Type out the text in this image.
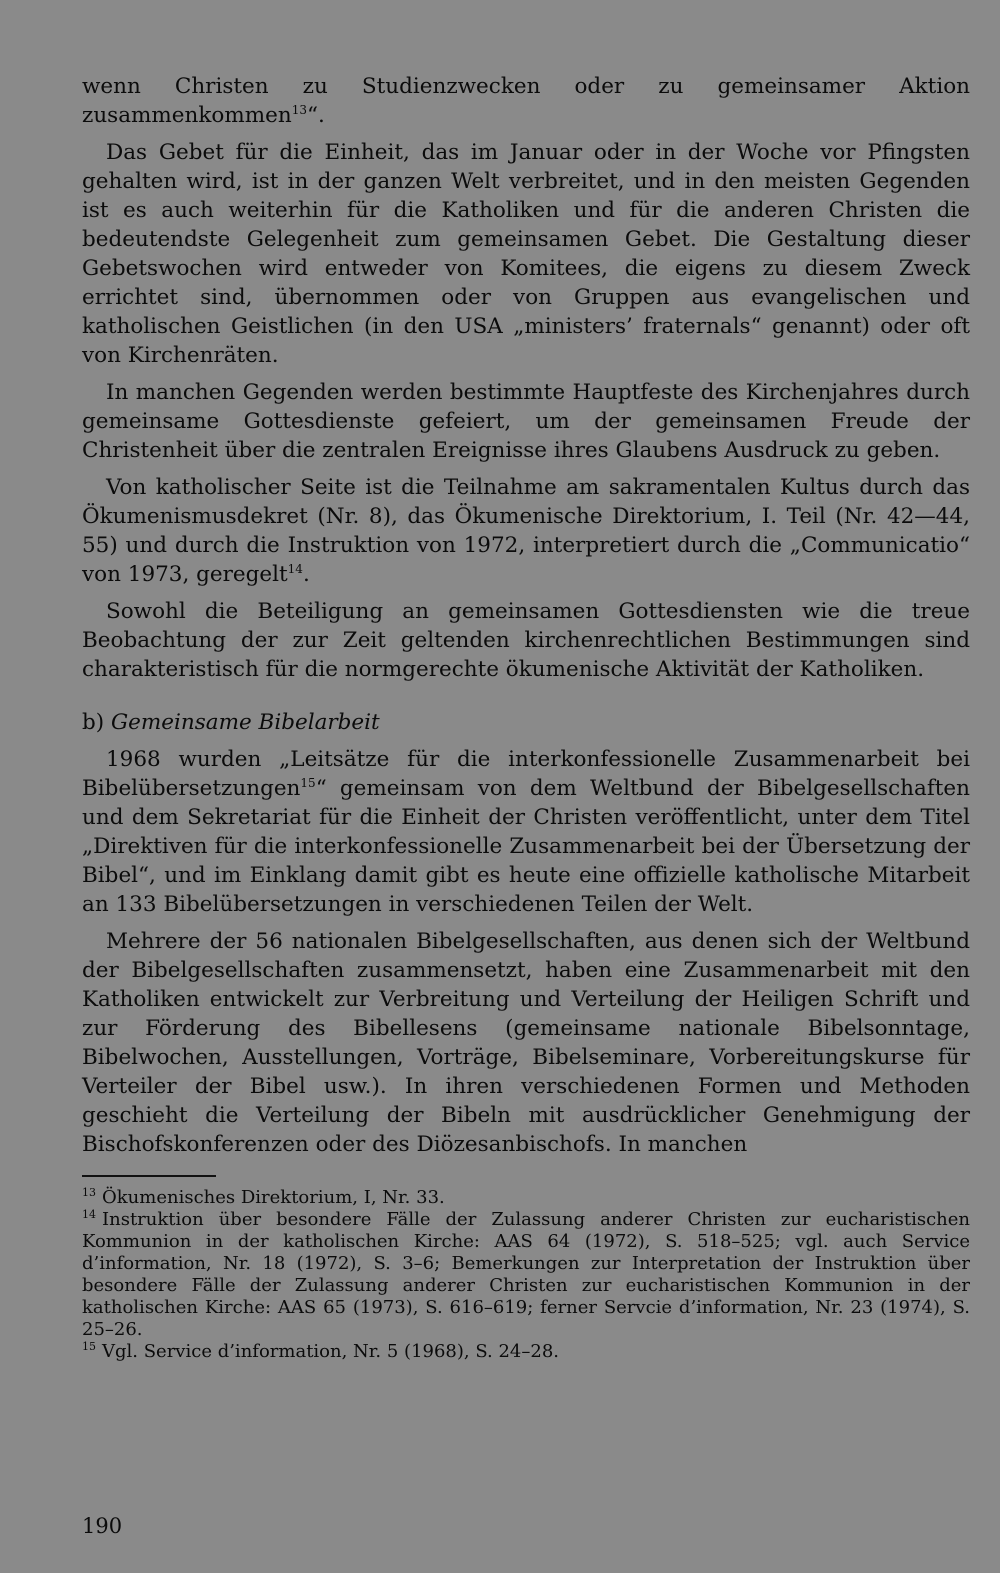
wenn Christen zu Studienzwecken oder zu gemeinsamer Aktion zusammenkommen$^{13}$“.

Das Gebet für die Einheit, das im Januar oder in der Woche vor Pfingsten gehalten wird, ist in der ganzen Welt verbreitet, und in den meisten Gegenden ist es auch weiterhin für die Katholiken und für die anderen Christen die bedeutendste Gelegenheit zum gemeinsamen Gebet. Die Gestaltung dieser Gebetswochen wird entweder von Komitees, die eigens zu diesem Zweck errichtet sind, übernommen oder von Gruppen aus evangelischen und katholischen Geistlichen (in den USA „ministers’ fraternals“ genannt) oder oft von Kirchenräten.

In manchen Gegenden werden bestimmte Hauptfeste des Kirchenjahres durch gemeinsame Gottesdienste gefeiert, um der gemeinsamen Freude der Christenheit über die zentralen Ereignisse ihres Glaubens Ausdruck zu geben.

Von katholischer Seite ist die Teilnahme am sakramentalen Kultus durch das Ökumenismusdekret (Nr. 8), das Ökumenische Direktorium, I. Teil (Nr. 42—44, 55) und durch die Instruktion von 1972, interpretiert durch die „Communicatio“ von 1973, geregelt$^{14}$.

Sowohl die Beteiligung an gemeinsamen Gottesdiensten wie die treue Beobachtung der zur Zeit geltenden kirchenrechtlichen Bestimmungen sind charakteristisch für die normgerechte ökumenische Aktivität der Katholiken.

b) Gemeinsame Bibelarbeit

1968 wurden „Leitsätze für die interkonfessionelle Zusammenarbeit bei Bibelübersetzungen$^{15}$“ gemeinsam von dem Weltbund der Bibelgesellschaften und dem Sekretariat für die Einheit der Christen veröffentlicht, unter dem Titel „Direktiven für die interkonfessionelle Zusammenarbeit bei der Übersetzung der Bibel“, und im Einklang damit gibt es heute eine offizielle katholische Mitarbeit an 133 Bibelübersetzungen in verschiedenen Teilen der Welt.

Mehrere der 56 nationalen Bibelgesellschaften, aus denen sich der Weltbund der Bibelgesellschaften zusammensetzt, haben eine Zusammenarbeit mit den Katholiken entwickelt zur Verbreitung und Verteilung der Heiligen Schrift und zur Förderung des Bibellesens (gemeinsame nationale Bibelsonntage, Bibelwochen, Ausstellungen, Vorträge, Bibelseminare, Vorbereitungskurse für Verteiler der Bibel usw.). In ihren verschiedenen Formen und Methoden geschieht die Verteilung der Bibeln mit ausdrücklicher Genehmigung der Bischofskonferenzen oder des Diözesanbischofs. In manchen

$^{13}$ Ökumenisches Direktorium, I, Nr. 33.

$^{14}$ Instruktion über besondere Fälle der Zulassung anderer Christen zur eucharistischen Kommunion in der katholischen Kirche: AAS 64 (1972), S. 518–525; vgl. auch Service d’information, Nr. 18 (1972), S. 3–6; Bemerkungen zur Interpretation der Instruktion über besondere Fälle der Zulassung anderer Christen zur eucharistischen Kommunion in der katholischen Kirche: AAS 65 (1973), S. 616–619; ferner Servcie d’information, Nr. 23 (1974), S. 25–26.

$^{15}$ Vgl. Service d’information, Nr. 5 (1968), S. 24–28.

190
